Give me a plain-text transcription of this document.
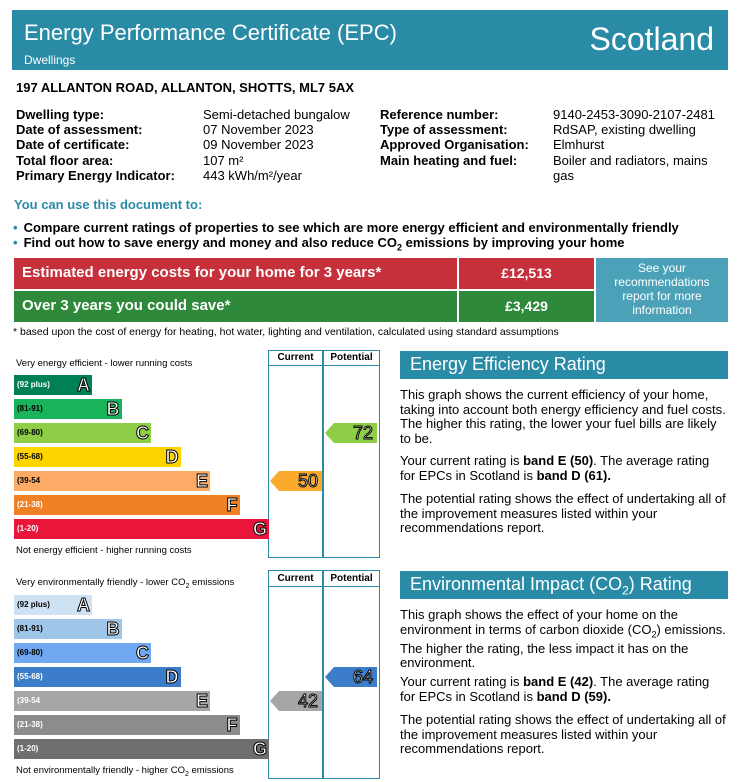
Energy Performance Certificate (EPC)
Dwellings
Scotland
197 ALLANTON ROAD, ALLANTON, SHOTTS, ML7 5AX
Dwelling type:	Semi-detached bungalow
Date of assessment:	07 November 2023
Date of certificate:	09 November 2023
Total floor area:	107 m²
Primary Energy Indicator: 443 kWh/m²/year
Reference number:	9140-2453-3090-2107-2481
Type of assessment:	RdSAP, existing dwelling
Approved Organisation: Elmhurst
Main heating and fuel:	Boiler and radiators, mains
gas
You can use this document to:
• Compare current ratings of properties to see which are more energy efficient and environmentally friendly
• Find out how to save energy and money and also reduce $CO_2$ emissions by improving your home
Estimated energy costs for your home for 3 years*	£12,513
Over 3 years you could save*	£3,429
See your recommendations report for more information
* based upon the cost of energy for heating, hot water, lighting and ventilation, calculated using standard assumptions
Current	Potential
Very energy efficient - lower running costs
Not energy efficient - higher running costs
(92 plus) A
(81-91)	B
(69-80)	C
(55-68)	D
(39-54	E
(21-38)	F
(1-20)	G
50
72
Current	Potential
Very environmentally friendly - lower $CO_2$ emissions
Not environmentally friendly - higher $CO_2$ emissions
(92 plus) A
(81-91)	B
(69-80)	C
(55-68)	D
(39-54	E
(21-38)	F
(1-20)	G
42
64
Energy Efficiency Rating
This graph shows the current efficiency of your home, taking into account both energy efficiency and fuel costs. The higher this rating, the lower your fuel bills are likely to be.
Your current rating is band E (50). The average rating for EPCs in Scotland is band D (61).
The potential rating shows the effect of undertaking all of the improvement measures listed within your recommendations report.
Environmental Impact $(CO_2)$ Rating
This graph shows the effect of your home on the environment in terms of carbon dioxide $(CO_2)$ emissions. The higher the rating, the less impact it has on the environment.
Your current rating is band E (42). The average rating for EPCs in Scotland is band D (59).
The potential rating shows the effect of undertaking all of the improvement measures listed within your recommendations report.
